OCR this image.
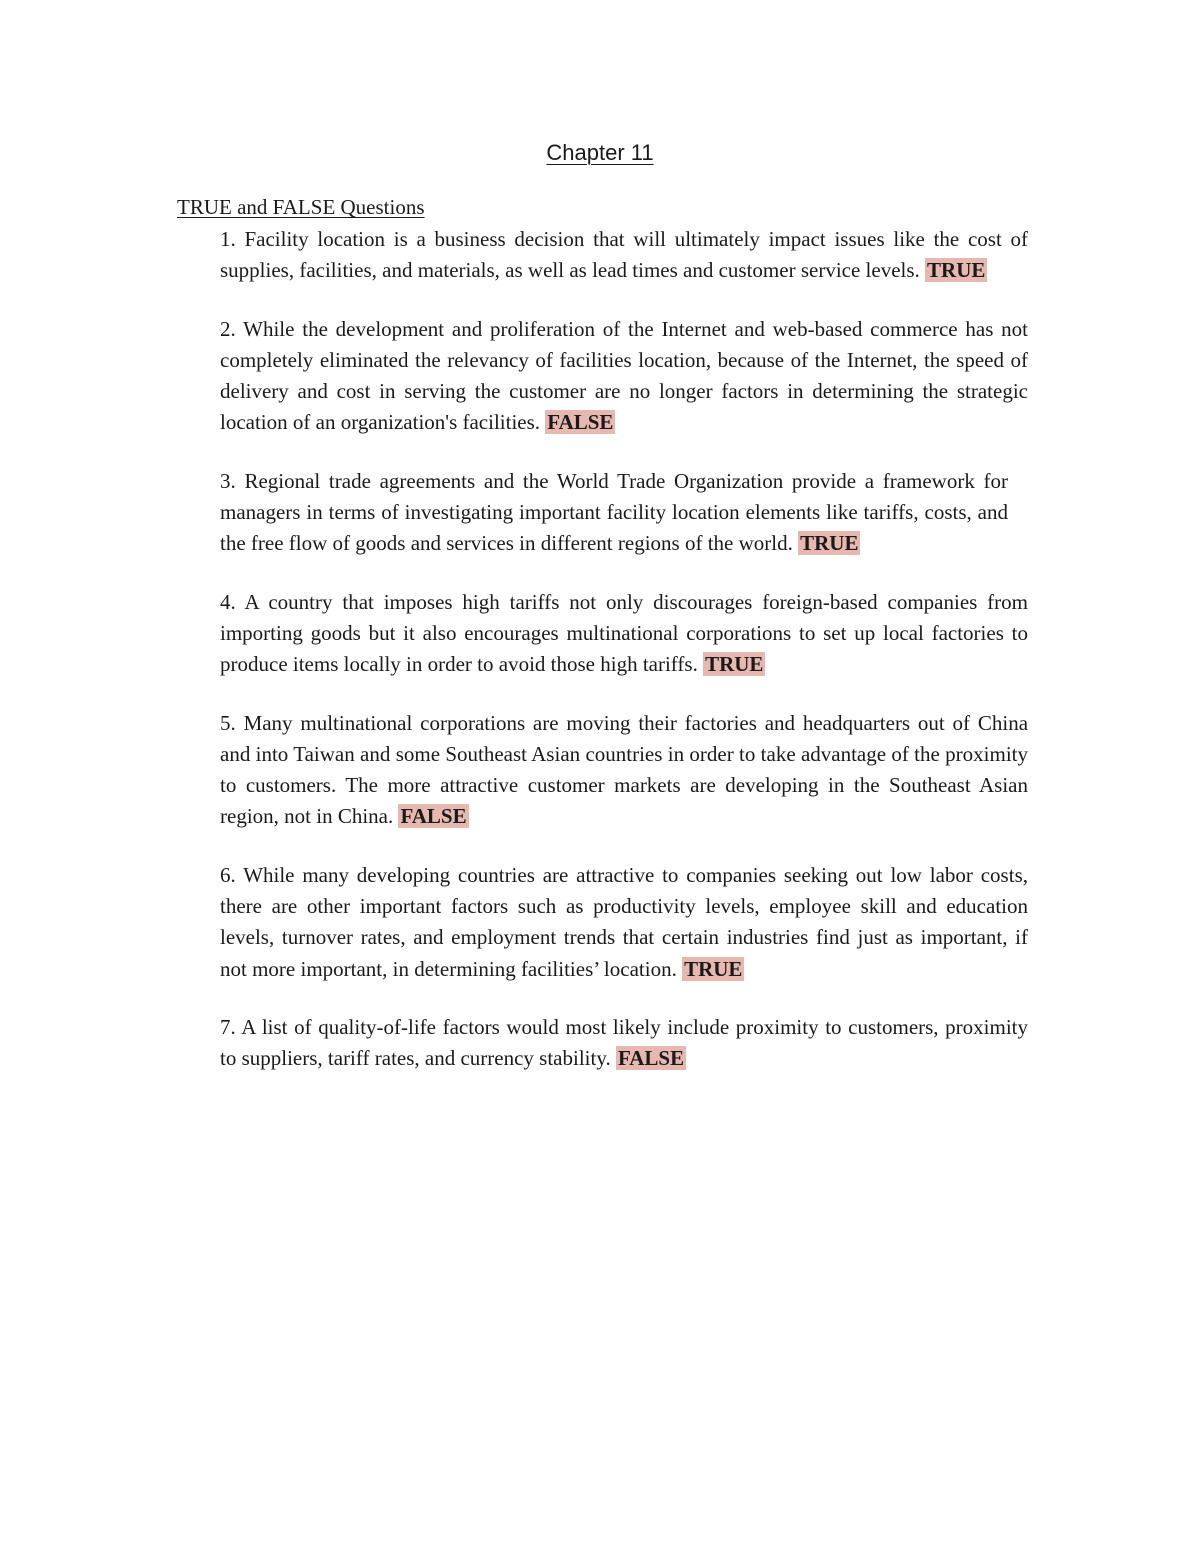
Chapter 11
TRUE and FALSE Questions
1. Facility location is a business decision that will ultimately impact issues like the cost of supplies, facilities, and materials, as well as lead times and customer service levels. TRUE
2. While the development and proliferation of the Internet and web-based commerce has not completely eliminated the relevancy of facilities location, because of the Internet, the speed of delivery and cost in serving the customer are no longer factors in determining the strategic location of an organization's facilities. FALSE
3. Regional trade agreements and the World Trade Organization provide a framework for managers in terms of investigating important facility location elements like tariffs, costs, and the free flow of goods and services in different regions of the world. TRUE
4. A country that imposes high tariffs not only discourages foreign-based companies from importing goods but it also encourages multinational corporations to set up local factories to produce items locally in order to avoid those high tariffs. TRUE
5. Many multinational corporations are moving their factories and headquarters out of China and into Taiwan and some Southeast Asian countries in order to take advantage of the proximity to customers. The more attractive customer markets are developing in the Southeast Asian region, not in China. FALSE
6. While many developing countries are attractive to companies seeking out low labor costs, there are other important factors such as productivity levels, employee skill and education levels, turnover rates, and employment trends that certain industries find just as important, if not more important, in determining facilities’ location. TRUE
7. A list of quality-of-life factors would most likely include proximity to customers, proximity to suppliers, tariff rates, and currency stability. FALSE
